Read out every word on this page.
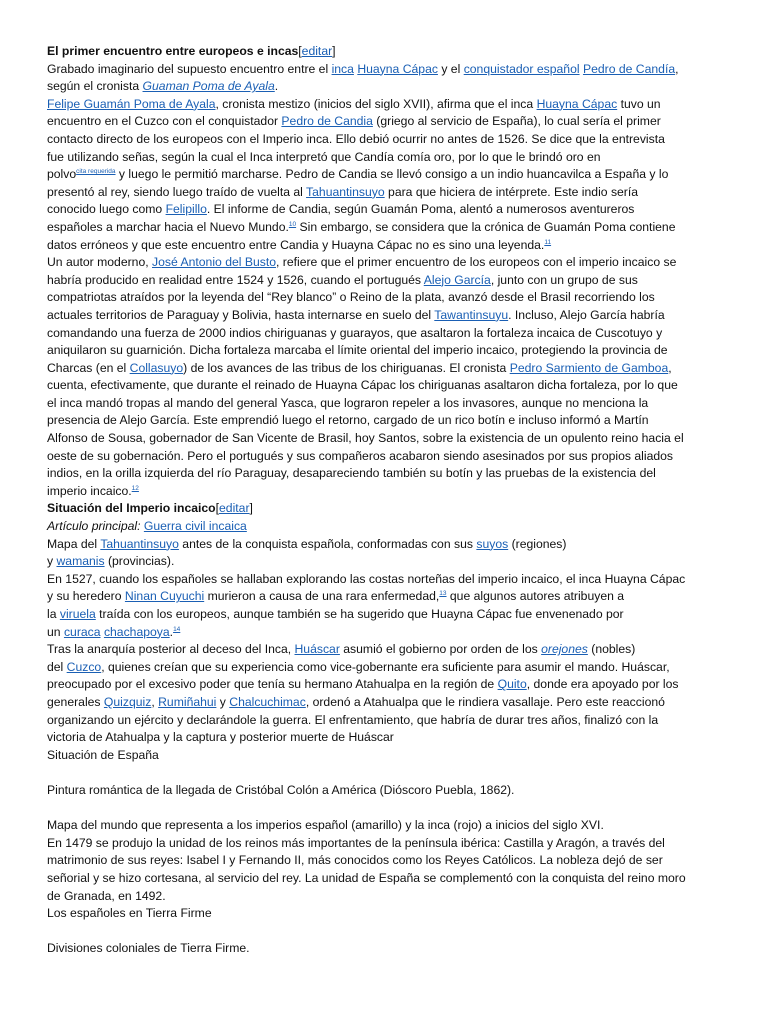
El primer encuentro entre europeos e incas[editar]
Grabado imaginario del supuesto encuentro entre el inca Huayna Cápac y el conquistador español Pedro de Candía,
según el cronista Guaman Poma de Ayala.
Felipe Guamán Poma de Ayala, cronista mestizo (inicios del siglo XVII), afirma que el inca Huayna Cápac tuvo un
encuentro en el Cuzco con el conquistador Pedro de Candia (griego al servicio de España), lo cual sería el primer
contacto directo de los europeos con el Imperio inca. Ello debió ocurrir no antes de 1526. Se dice que la entrevista
fue utilizando señas, según la cual el Inca interpretó que Candía comía oro, por lo que le brindó oro en
polvo$^{cita requerida}$ y luego le permitió marcharse. Pedro de Candia se llevó consigo a un indio huancavilca a España y lo
presentó al rey, siendo luego traído de vuelta al Tahuantinsuyo para que hiciera de intérprete. Este indio sería
conocido luego como Felipillo. El informe de Candia, según Guamán Poma, alentó a numerosos aventureros
españoles a marchar hacia el Nuevo Mundo.$^{10}$ Sin embargo, se considera que la crónica de Guamán Poma contiene
datos erróneos y que este encuentro entre Candia y Huayna Cápac no es sino una leyenda.$^{11}$
Un autor moderno, José Antonio del Busto, refiere que el primer encuentro de los europeos con el imperio incaico se
habría producido en realidad entre 1524 y 1526, cuando el portugués Alejo García, junto con un grupo de sus
compatriotas atraídos por la leyenda del “Rey blanco” o Reino de la plata, avanzó desde el Brasil recorriendo los
actuales territorios de Paraguay y Bolivia, hasta internarse en suelo del Tawantinsuyu. Incluso, Alejo García habría
comandando una fuerza de 2000 indios chiriguanas y guarayos, que asaltaron la fortaleza incaica de Cuscotuyo y
aniquilaron su guarnición. Dicha fortaleza marcaba el límite oriental del imperio incaico, protegiendo la provincia de
Charcas (en el Collasuyo) de los avances de las tribus de los chiriguanas. El cronista Pedro Sarmiento de Gamboa,
cuenta, efectivamente, que durante el reinado de Huayna Cápac los chiriguanas asaltaron dicha fortaleza, por lo que
el inca mandó tropas al mando del general Yasca, que lograron repeler a los invasores, aunque no menciona la
presencia de Alejo García. Este emprendió luego el retorno, cargado de un rico botín e incluso informó a Martín
Alfonso de Sousa, gobernador de San Vicente de Brasil, hoy Santos, sobre la existencia de un opulento reino hacia el
oeste de su gobernación. Pero el portugués y sus compañeros acabaron siendo asesinados por sus propios aliados
indios, en la orilla izquierda del río Paraguay, desapareciendo también su botín y las pruebas de la existencia del
imperio incaico.$^{12}$
Situación del Imperio incaico[editar]
Artículo principal: Guerra civil incaica
Mapa del Tahuantinsuyo antes de la conquista española, conformadas con sus suyos (regiones)
y wamanis (provincias).
En 1527, cuando los españoles se hallaban explorando las costas norteñas del imperio incaico, el inca Huayna Cápac
y su heredero Ninan Cuyuchi murieron a causa de una rara enfermedad,$^{13}$ que algunos autores atribuyen a
la viruela traída con los europeos, aunque también se ha sugerido que Huayna Cápac fue envenenado por
un curaca chachapoya.$^{14}$
Tras la anarquía posterior al deceso del Inca, Huáscar asumió el gobierno por orden de los orejones (nobles)
del Cuzco, quienes creían que su experiencia como vice-gobernante era suficiente para asumir el mando. Huáscar,
preocupado por el excesivo poder que tenía su hermano Atahualpa en la región de Quito, donde era apoyado por los
generales Quizquiz, Rumiñahui y Chalcuchimac, ordenó a Atahualpa que le rindiera vasallaje. Pero este reaccionó
organizando un ejército y declarándole la guerra. El enfrentamiento, que habría de durar tres años, finalizó con la
victoria de Atahualpa y la captura y posterior muerte de Huáscar
Situación de España
Pintura romántica de la llegada de Cristóbal Colón a América (Dióscoro Puebla, 1862).
Mapa del mundo que representa a los imperios español (amarillo) y la inca (rojo) a inicios del siglo XVI.
En 1479 se produjo la unidad de los reinos más importantes de la península ibérica: Castilla y Aragón, a través del
matrimonio de sus reyes: Isabel I y Fernando II, más conocidos como los Reyes Católicos. La nobleza dejó de ser
señorial y se hizo cortesana, al servicio del rey. La unidad de España se complementó con la conquista del reino moro
de Granada, en 1492.
Los españoles en Tierra Firme
Divisiones coloniales de Tierra Firme.
